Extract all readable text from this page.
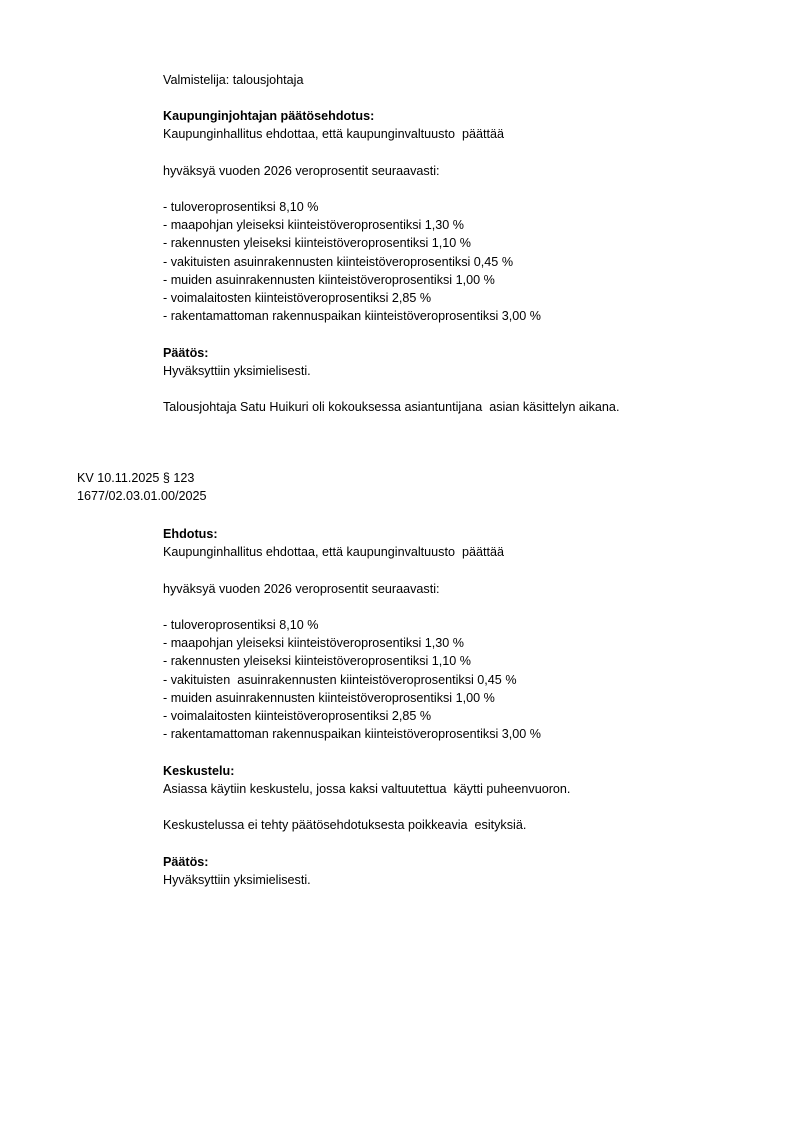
Valmistelija: talousjohtaja
Kaupunginjohtajan päätösehdotus:
Kaupunginhallitus ehdottaa, että kaupunginvaltuusto  päättää
hyväksyä vuoden 2026 veroprosentit seuraavasti:
- tuloveroprosentiksi 8,10 %
- maapohjan yleiseksi kiinteistöveroprosentiksi 1,30 %
- rakennusten yleiseksi kiinteistöveroprosentiksi 1,10 %
- vakituisten asuinrakennusten kiinteistöveroprosentiksi 0,45 %
- muiden asuinrakennusten kiinteistöveroprosentiksi 1,00 %
- voimalaitosten kiinteistöveroprosentiksi 2,85 %
- rakentamattoman rakennuspaikan kiinteistöveroprosentiksi 3,00 %
Päätös:
Hyväksyttiin yksimielisesti.
Talousjohtaja Satu Huikuri oli kokouksessa asiantuntijana  asian käsittelyn aikana.
KV 10.11.2025 § 123
1677/02.03.01.00/2025
Ehdotus:
Kaupunginhallitus ehdottaa, että kaupunginvaltuusto  päättää
hyväksyä vuoden 2026 veroprosentit seuraavasti:
- tuloveroprosentiksi 8,10 %
- maapohjan yleiseksi kiinteistöveroprosentiksi 1,30 %
- rakennusten yleiseksi kiinteistöveroprosentiksi 1,10 %
- vakituisten  asuinrakennusten kiinteistöveroprosentiksi 0,45 %
- muiden asuinrakennusten kiinteistöveroprosentiksi 1,00 %
- voimalaitosten kiinteistöveroprosentiksi 2,85 %
- rakentamattoman rakennuspaikan kiinteistöveroprosentiksi 3,00 %
Keskustelu:
Asiassa käytiin keskustelu, jossa kaksi valtuutettua  käytti puheenvuoron.
Keskustelussa ei tehty päätösehdotuksesta poikkeavia  esityksiä.
Päätös:
Hyväksyttiin yksimielisesti.
